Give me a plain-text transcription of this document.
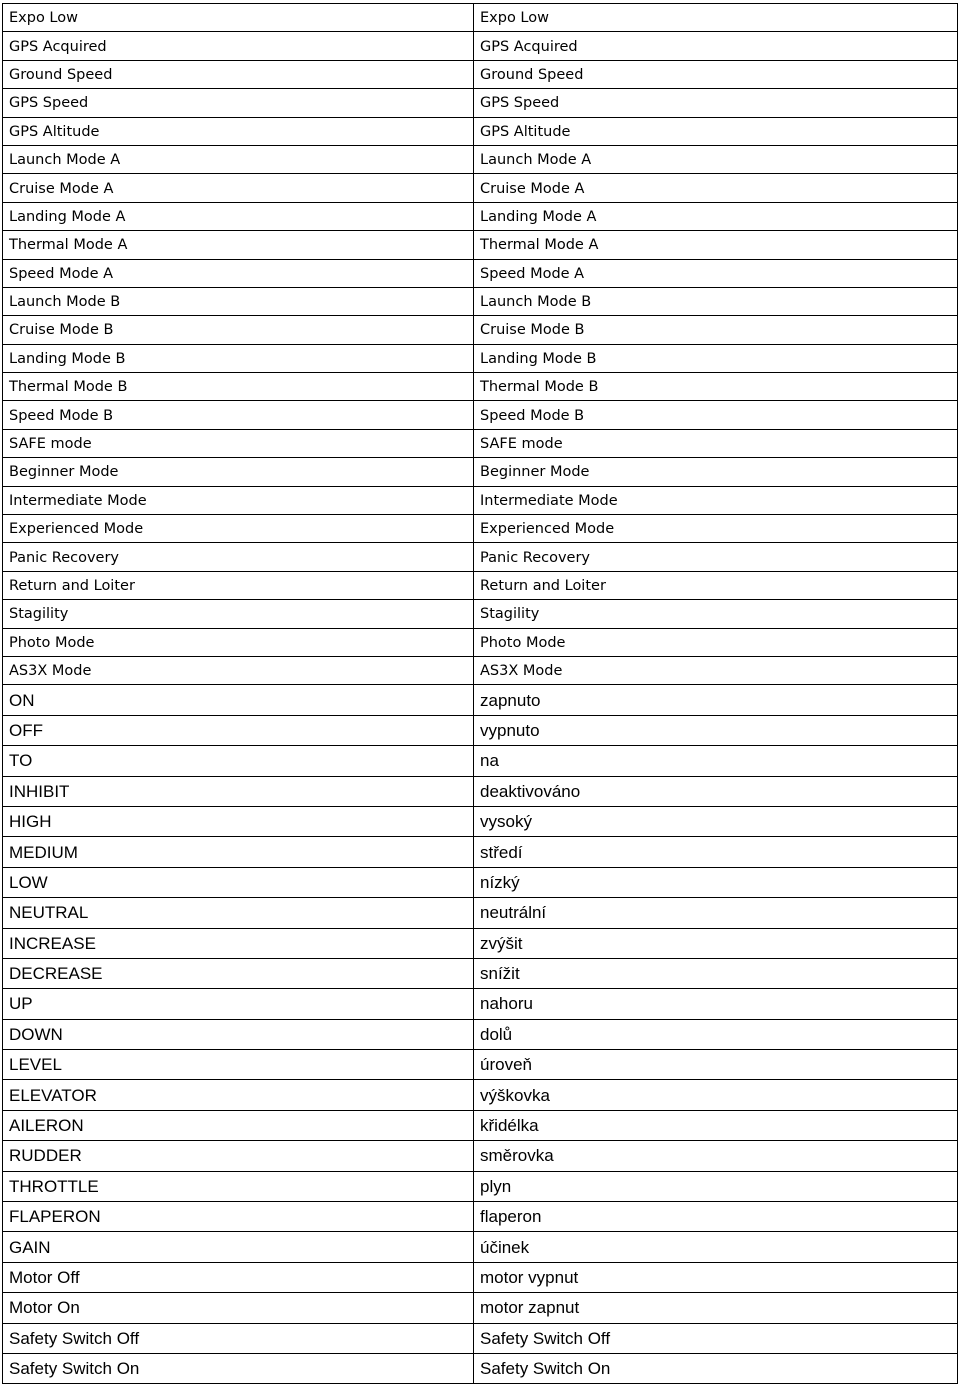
Expo Low	Expo Low
GPS Acquired	GPS Acquired
Ground Speed	Ground Speed
GPS Speed	GPS Speed
GPS Altitude	GPS Altitude
Launch Mode A	Launch Mode A
Cruise Mode A	Cruise Mode A
Landing Mode A	Landing Mode A
Thermal Mode A	Thermal Mode A
Speed Mode A	Speed Mode A
Launch Mode B	Launch Mode B
Cruise Mode B	Cruise Mode B
Landing Mode B	Landing Mode B
Thermal Mode B	Thermal Mode B
Speed Mode B	Speed Mode B
SAFE mode	SAFE mode
Beginner Mode	Beginner Mode
Intermediate Mode	Intermediate Mode
Experienced Mode	Experienced Mode
Panic Recovery	Panic Recovery
Return and Loiter	Return and Loiter
Stagility	Stagility
Photo Mode	Photo Mode
AS3X Mode	AS3X Mode
ON	zapnuto
OFF	vypnuto
TO	na
INHIBIT	deaktivováno
HIGH	vysoký
MEDIUM	středí
LOW	nízký
NEUTRAL	neutrální
INCREASE	zvýšit
DECREASE	snížit
UP	nahoru
DOWN	dolů
LEVEL	úroveň
ELEVATOR	výškovka
AILERON	křidélka
RUDDER	směrovka
THROTTLE	plyn
FLAPERON	flaperon
GAIN	účinek
Motor Off	motor vypnut
Motor On	motor zapnut
Safety Switch Off	Safety Switch Off
Safety Switch On	Safety Switch On
